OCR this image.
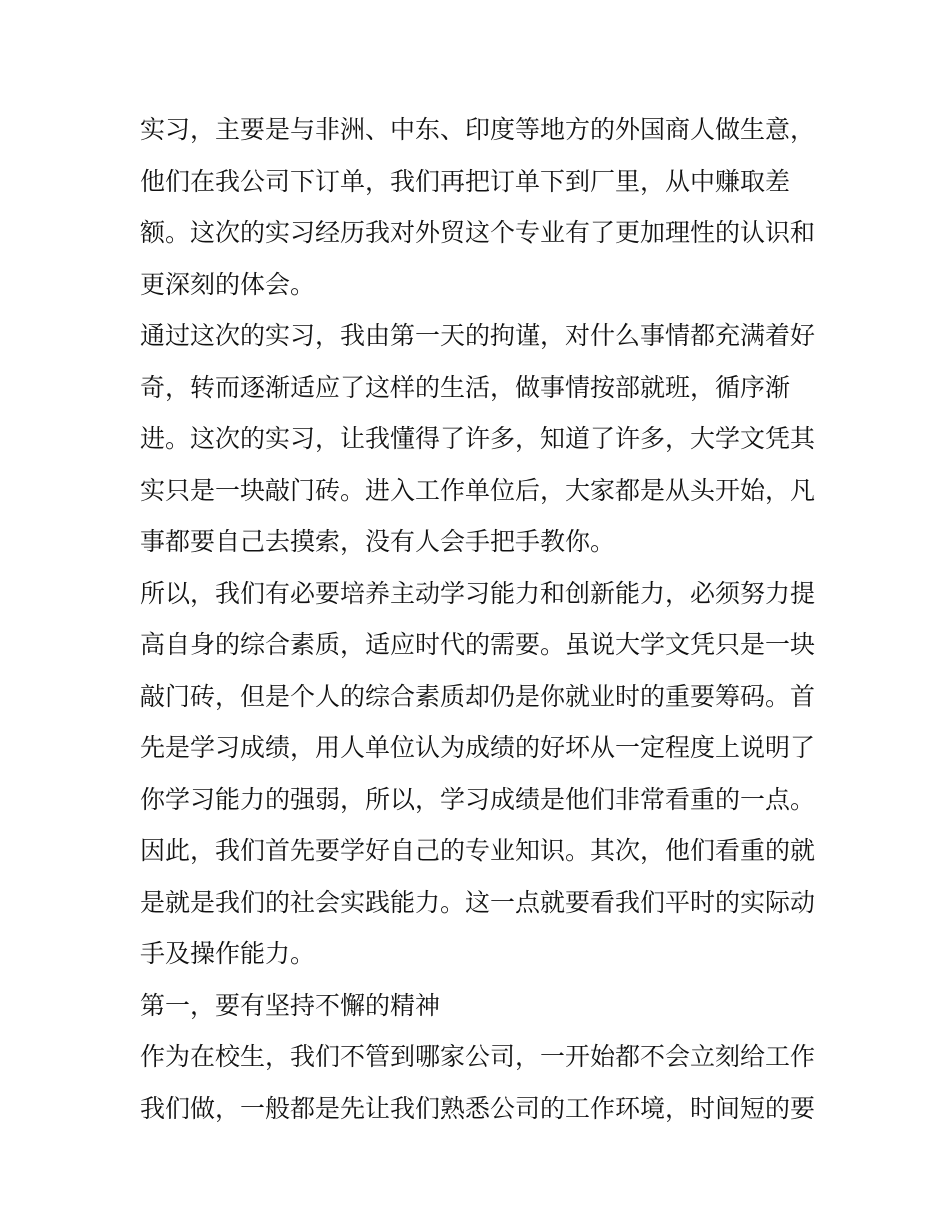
实习，主要是与非洲、中东、印度等地方的外国商人做生意，
他们在我公司下订单，我们再把订单下到厂里，从中赚取差
额。这次的实习经历我对外贸这个专业有了更加理性的认识和
更深刻的体会。
通过这次的实习，我由第一天的拘谨，对什么事情都充满着好
奇，转而逐渐适应了这样的生活，做事情按部就班，循序渐
进。这次的实习，让我懂得了许多，知道了许多，大学文凭其
实只是一块敲门砖。进入工作单位后，大家都是从头开始，凡
事都要自己去摸索，没有人会手把手教你。
所以，我们有必要培养主动学习能力和创新能力，必须努力提
高自身的综合素质，适应时代的需要。虽说大学文凭只是一块
敲门砖，但是个人的综合素质却仍是你就业时的重要筹码。首
先是学习成绩，用人单位认为成绩的好坏从一定程度上说明了
你学习能力的强弱，所以，学习成绩是他们非常看重的一点。
因此，我们首先要学好自己的专业知识。其次，他们看重的就
是就是我们的社会实践能力。这一点就要看我们平时的实际动
手及操作能力。
第一，要有坚持不懈的精神
作为在校生，我们不管到哪家公司，一开始都不会立刻给工作
我们做，一般都是先让我们熟悉公司的工作环境，时间短的要
